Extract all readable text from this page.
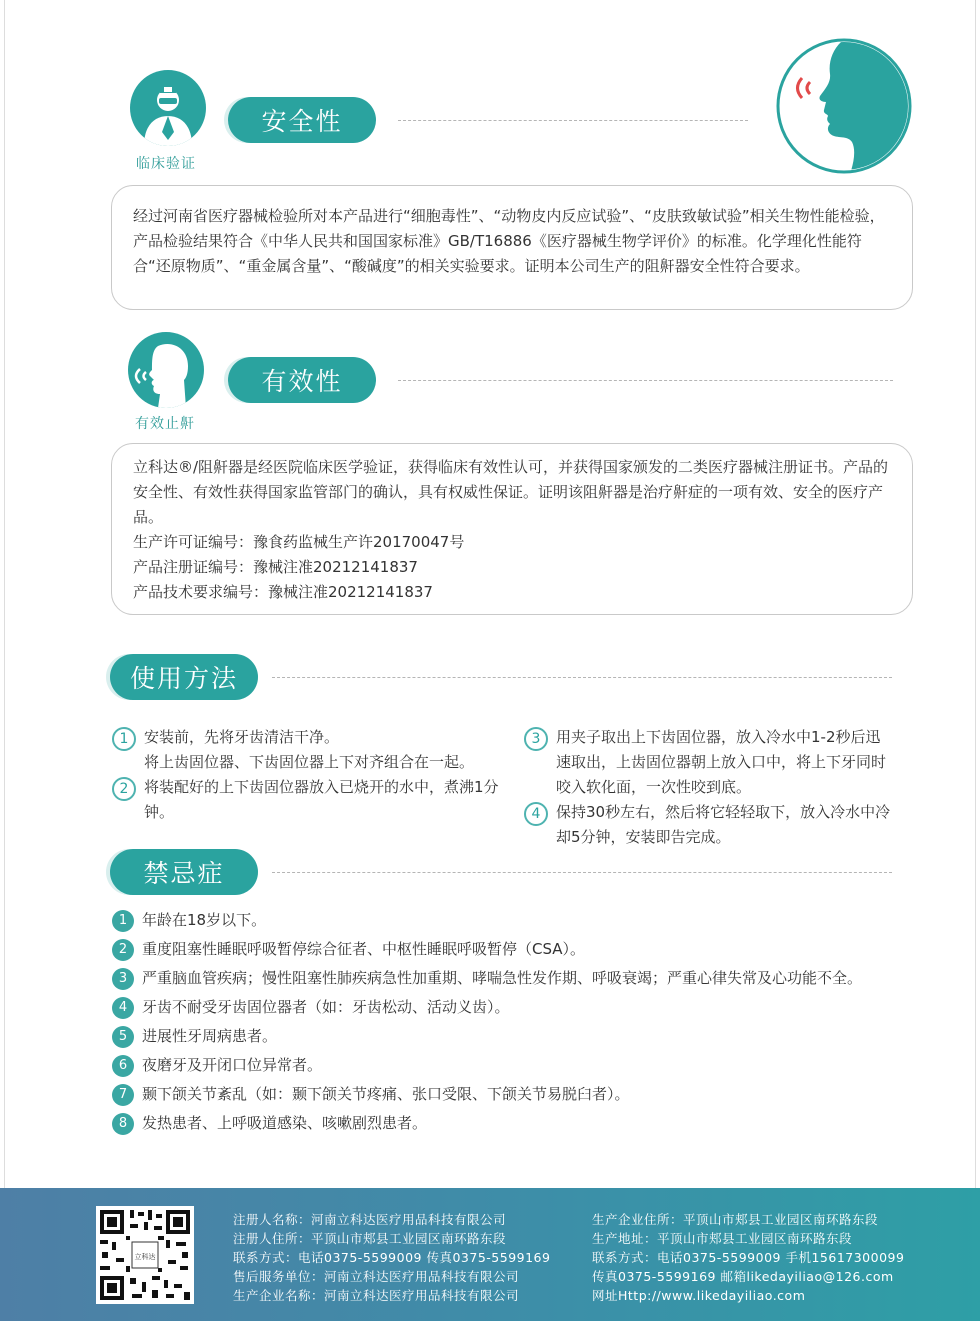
临床验证
安全性

经过河南省医疗器械检验所对本产品进行“细胞毒性”、“动物皮内反应试验”、“皮肤致敏试验”相关生物性能检验，产品检验结果符合《中华人民共和国国家标准》GB/T16886《医疗器械生物学评价》的标准。化学理化性能符合“还原物质”、“重金属含量”、“酸碱度”的相关实验要求。证明本公司生产的阻鼾器安全性符合要求。

有效止鼾
有效性

立科达®/阻鼾器是经医院临床医学验证，获得临床有效性认可，并获得国家颁发的二类医疗器械注册证书。产品的安全性、有效性获得国家监管部门的确认，具有权威性保证。证明该阻鼾器是治疗鼾症的一项有效、安全的医疗产品。

生产许可证编号：豫食药监械生产许20170047号

产品注册证编号：豫械注准20212141837

产品技术要求编号：豫械注准20212141837

使用方法
1	安装前，先将牙齿清洁干净。
将上齿固位器、下齿固位器上下对齐组合在一起。
2	将装配好的上下齿固位器放入已烧开的水中，煮沸1分钟。
3	用夹子取出上下齿固位器，放入冷水中1-2秒后迅速取出，上齿固位器朝上放入口中，将上下牙同时咬入软化面，一次性咬到底。
4	保持30秒左右，然后将它轻轻取下，放入冷水中冷却5分钟，安装即告完成。
禁忌症
1 年龄在18岁以下。
2 重度阻塞性睡眠呼吸暂停综合征者、中枢性睡眠呼吸暂停（CSA）。
3 严重脑血管疾病；慢性阻塞性肺疾病急性加重期、哮喘急性发作期、呼吸衰竭；严重心律失常及心功能不全。
4 牙齿不耐受牙齿固位器者（如：牙齿松动、活动义齿）。
5 进展性牙周病患者。
6 夜磨牙及开闭口位异常者。
7 颞下颌关节紊乱（如：颞下颌关节疼痛、张口受限、下颌关节易脱臼者）。
8 发热患者、上呼吸道感染、咳嗽剧烈患者。
立科达
注册人名称：河南立科达医疗用品科技有限公司
注册人住所：平顶山市郏县工业园区南环路东段
联系方式：电话0375-5599009 传真0375-5599169
售后服务单位：河南立科达医疗用品科技有限公司
生产企业名称：河南立科达医疗用品科技有限公司
生产企业住所：平顶山市郏县工业园区南环路东段
生产地址：平顶山市郏县工业园区南环路东段
联系方式：电话0375-5599009 手机15617300099
传真0375-5599169 邮箱likedayiliao@126.com
网址Http://www.likedayiliao.com
